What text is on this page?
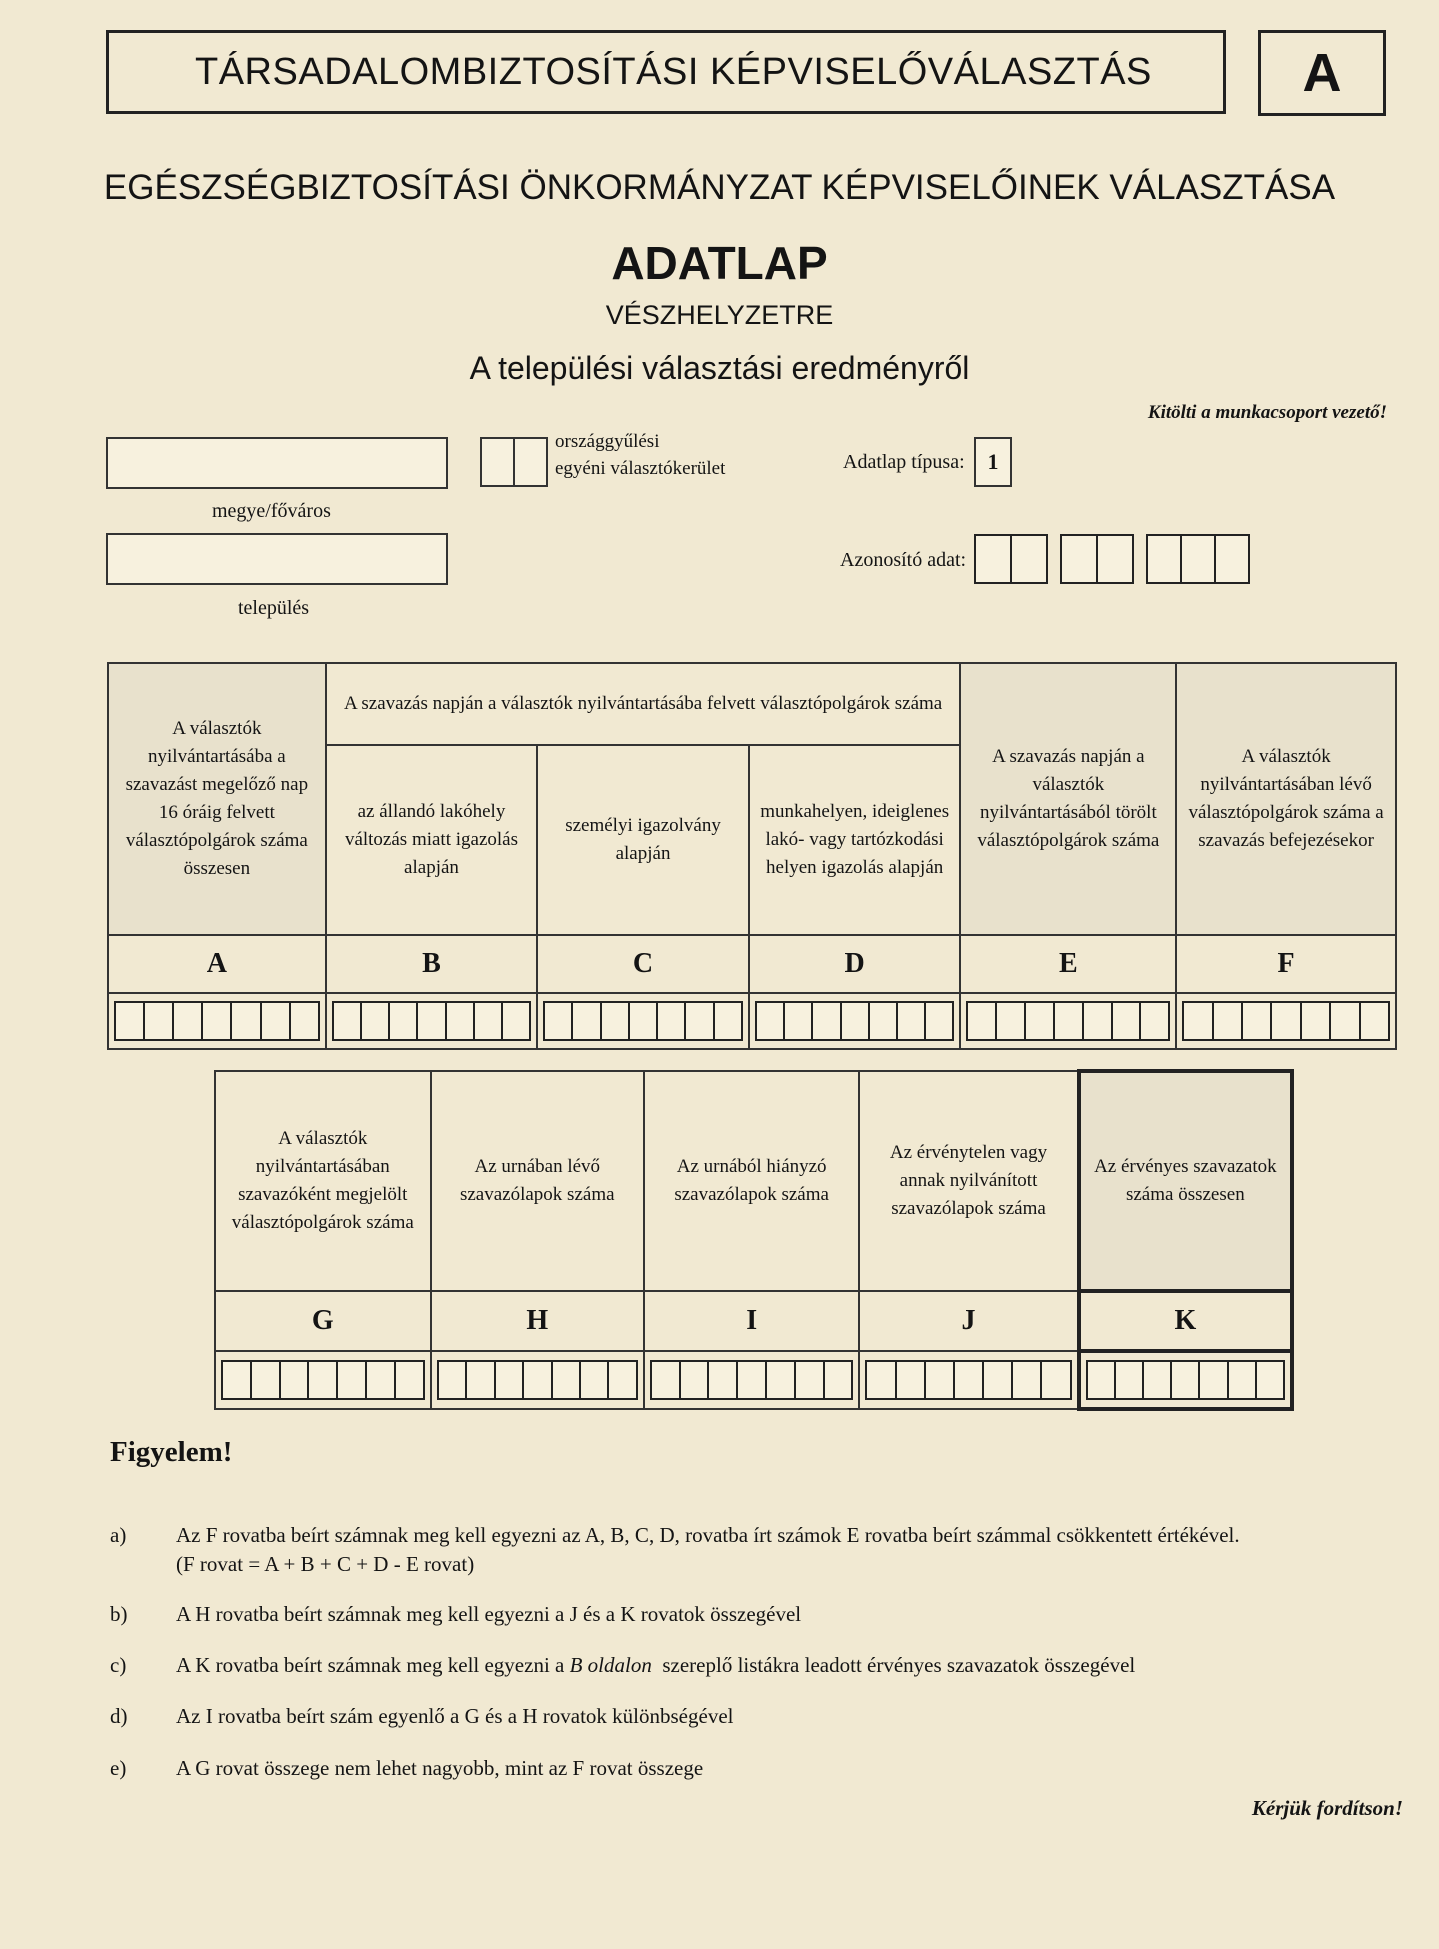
TÁRSADALOMBIZTOSÍTÁSI KÉPVISELŐVÁLASZTÁS	A
EGÉSZSÉGBIZTOSÍTÁSI ÖNKORMÁNYZAT KÉPVISELŐINEK VÁLASZTÁSA
ADATLAP
VÉSZHELYZETRE
A települési választási eredményről
Kitölti a munkacsoport vezető!
megye/főváros
település
országgyűlési
egyéni választókerület	Adatlap típusa:	1
Azonosító adat:
A választók nyilvántartásába a szavazást megelőző nap 16 óráig felvett választópolgárok száma összesen	A szavazás napján a választók nyilvántartásába felvett választópolgárok száma			A szavazás napján a választók nyilvántartásából törölt választópolgárok száma	A választók nyilvántartásában lévő választópolgárok száma a szavazás befejezésekor
	az állandó lakóhely változás miatt igazolás alapján	személyi igazolvány alapján	munkahelyen, ideiglenes lakó- vagy tartózkodási helyen igazolás alapján		
A	B	C	D	E	F

A választók nyilvántartásában szavazóként megjelölt választópolgárok száma	Az urnában lévő szavazólapok száma	Az urnából hiányzó szavazólapok száma	Az érvénytelen vagy annak nyilvánított szavazólapok száma	Az érvényes szavazatok száma összesen
G	H	I	J	K

Figyelem!
a)	Az F rovatba beírt számnak meg kell egyezni az A, B, C, D, rovatba írt számok E rovatba beírt számmal csökkentett értékével.
(F rovat = A + B + C + D - E rovat)
b)	A H rovatba beírt számnak meg kell egyezni a J és a K rovatok összegével
c)	A K rovatba beírt számnak meg kell egyezni a B oldalon  szereplő listákra leadott érvényes szavazatok összegével
d)	Az I rovatba beírt szám egyenlő a G és a H rovatok különbségével
e)	A G rovat összege nem lehet nagyobb, mint az F rovat összege
Kérjük fordítson!
